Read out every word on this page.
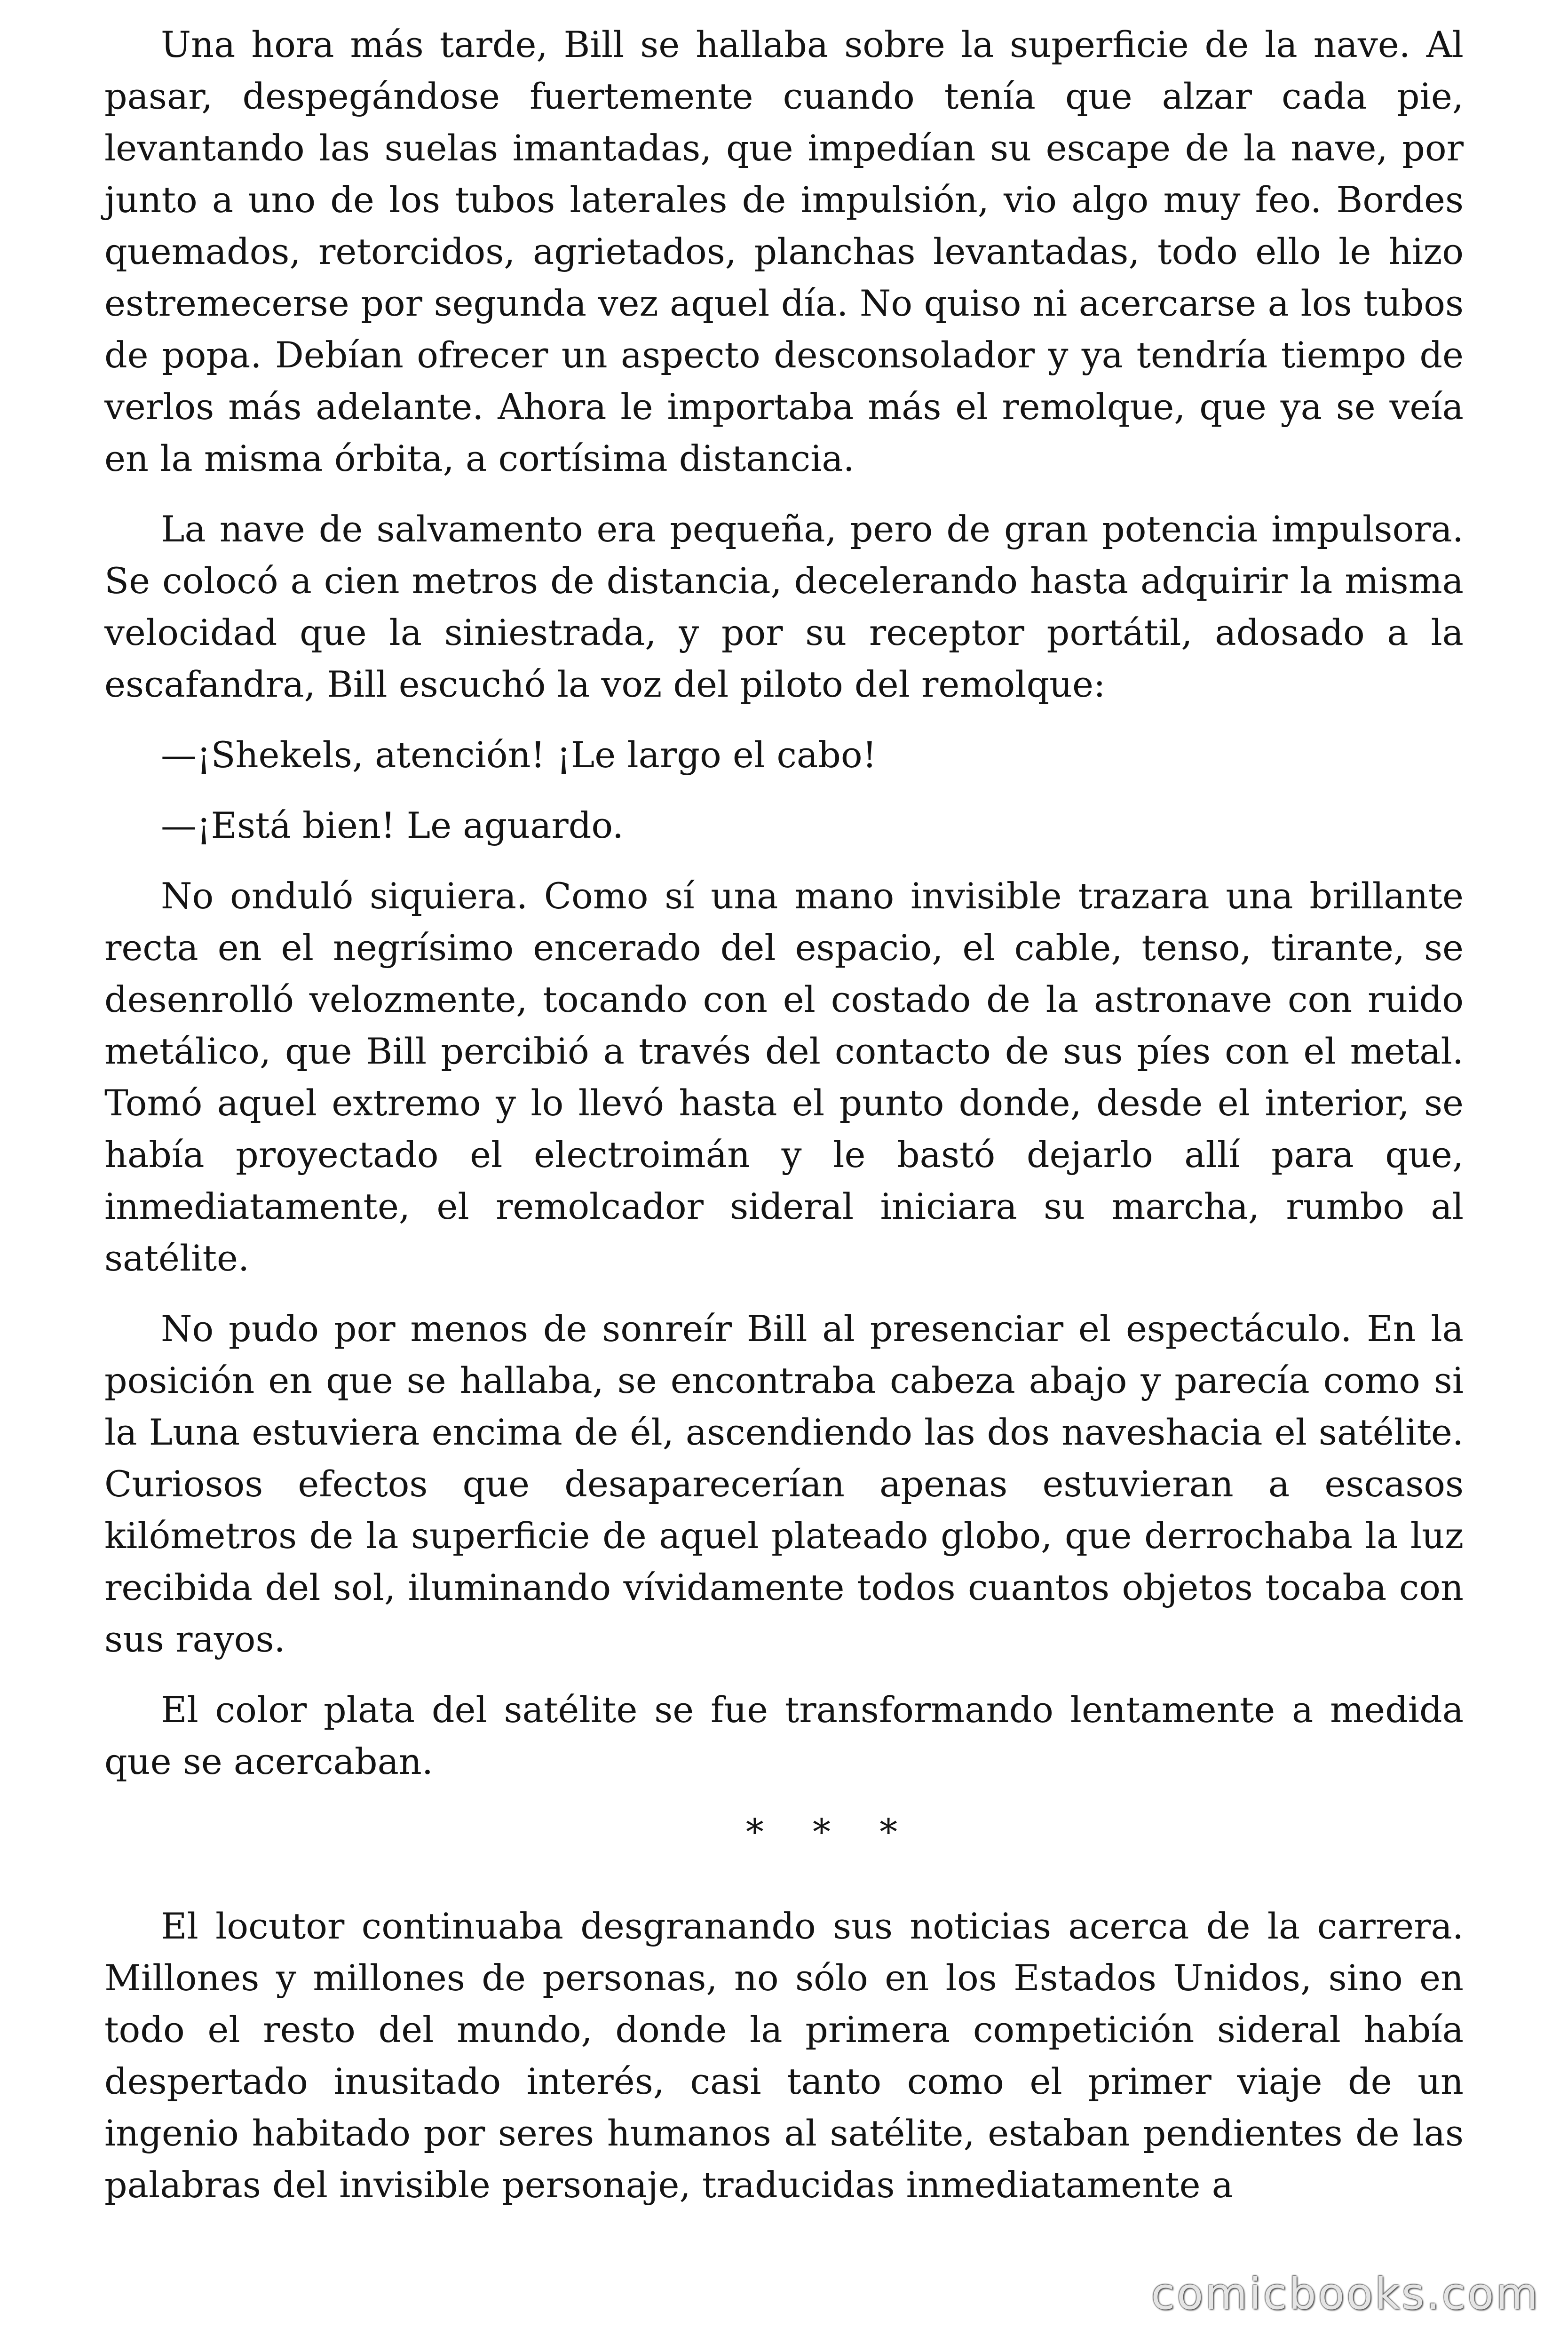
Una hora más tarde, Bill se hallaba sobre la superficie de la nave. Al pasar, despegándose fuertemente cuando tenía que alzar cada pie, levantando las suelas imantadas, que impedían su escape de la nave, por junto a uno de los tubos laterales de impulsión, vio algo muy feo. Bordes quemados, retorcidos, agrietados, planchas levantadas, todo ello le hizo estremecerse por segunda vez aquel día. No quiso ni acercarse a los tubos de popa. Debían ofrecer un aspecto desconsolador y ya tendría tiempo de verlos más adelante. Ahora le importaba más el remolque, que ya se veía en la misma órbita, a cortísima distancia.

La nave de salvamento era pequeña, pero de gran potencia impulsora. Se colocó a cien metros de distancia, decelerando hasta adquirir la misma velocidad que la siniestrada, y por su receptor portátil, adosado a la escafandra, Bill escuchó la voz del piloto del remolque:

—¡Shekels, atención! ¡Le largo el cabo!

—¡Está bien! Le aguardo.

No onduló siquiera. Como sí una mano invisible trazara una brillante recta en el negrísimo encerado del espacio, el cable, tenso, tirante, se desenrolló velozmente, tocando con el costado de la astronave con ruido metálico, que Bill percibió a través del contacto de sus píes con el metal. Tomó aquel extremo y lo llevó hasta el punto donde, desde el interior, se había proyectado el electroimán y le bastó dejarlo allí para que, inmediatamente, el remolcador sideral iniciara su marcha, rumbo al satélite.

No pudo por menos de sonreír Bill al presenciar el espectáculo. En la posición en que se hallaba, se encontraba cabeza abajo y parecía como si la Luna estuviera encima de él, ascendiendo las dos naveshacia el satélite. Curiosos efectos que desaparecerían apenas estuvieran a escasos kilómetros de la superficie de aquel plateado globo, que derrochaba la luz recibida del sol, iluminando vívidamente todos cuantos objetos tocaba con sus rayos.

El color plata del satélite se fue transformando lentamente a medida que se acercaban.

* * *

El locutor continuaba desgranando sus noticias acerca de la carrera. Millones y millones de personas, no sólo en los Estados Unidos, sino en todo el resto del mundo, donde la primera competición sideral había despertado inusitado interés, casi tanto como el primer viaje de un ingenio habitado por seres humanos al satélite, estaban pendientes de las palabras del invisible personaje, traducidas inmediatamente a

comicbooks.com
